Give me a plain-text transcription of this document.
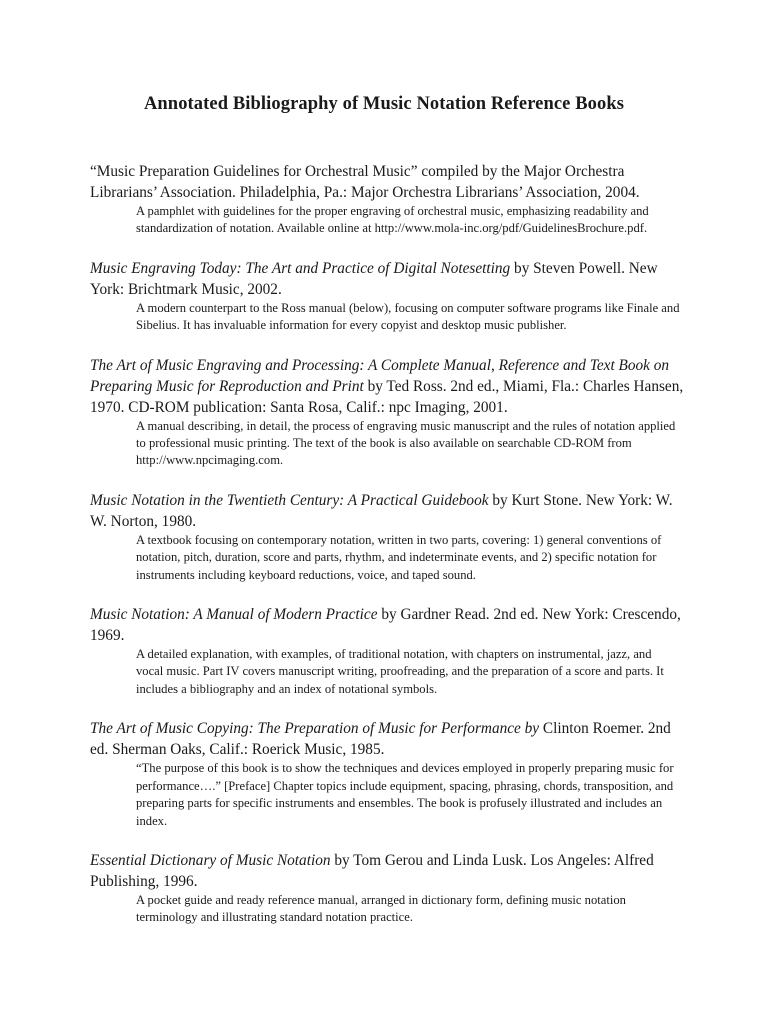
Annotated Bibliography of Music Notation Reference Books

“Music Preparation Guidelines for Orchestral Music” compiled by the Major Orchestra Librarians’ Association. Philadelphia, Pa.: Major Orchestra Librarians’ Association, 2004.

A pamphlet with guidelines for the proper engraving of orchestral music, emphasizing readability and standardization of notation. Available online at http://www.mola-inc.org/pdf/GuidelinesBrochure.pdf.

Music Engraving Today: The Art and Practice of Digital Notesetting by Steven Powell. New York: Brichtmark Music, 2002.

A modern counterpart to the Ross manual (below), focusing on computer software programs like Finale and Sibelius. It has invaluable information for every copyist and desktop music publisher.

The Art of Music Engraving and Processing: A Complete Manual, Reference and Text Book on Preparing Music for Reproduction and Print by Ted Ross. 2nd ed., Miami, Fla.: Charles Hansen, 1970. CD-ROM publication: Santa Rosa, Calif.: npc Imaging, 2001.

A manual describing, in detail, the process of engraving music manuscript and the rules of notation applied to professional music printing. The text of the book is also available on searchable CD-ROM from http://www.npcimaging.com.

Music Notation in the Twentieth Century: A Practical Guidebook by Kurt Stone. New York: W. W. Norton, 1980.

A textbook focusing on contemporary notation, written in two parts, covering: 1) general conventions of notation, pitch, duration, score and parts, rhythm, and indeterminate events, and 2) specific notation for instruments including keyboard reductions, voice, and taped sound.

Music Notation: A Manual of Modern Practice by Gardner Read. 2nd ed. New York: Crescendo, 1969.

A detailed explanation, with examples, of traditional notation, with chapters on instrumental, jazz, and vocal music. Part IV covers manuscript writing, proofreading, and the preparation of a score and parts. It includes a bibliography and an index of notational symbols.

The Art of Music Copying: The Preparation of Music for Performance by Clinton Roemer. 2nd ed. Sherman Oaks, Calif.: Roerick Music, 1985.

“The purpose of this book is to show the techniques and devices employed in properly preparing music for performance….” [Preface] Chapter topics include equipment, spacing, phrasing, chords, transposition, and preparing parts for specific instruments and ensembles. The book is profusely illustrated and includes an index.

Essential Dictionary of Music Notation by Tom Gerou and Linda Lusk. Los Angeles: Alfred Publishing, 1996.

A pocket guide and ready reference manual, arranged in dictionary form, defining music notation terminology and illustrating standard notation practice.
